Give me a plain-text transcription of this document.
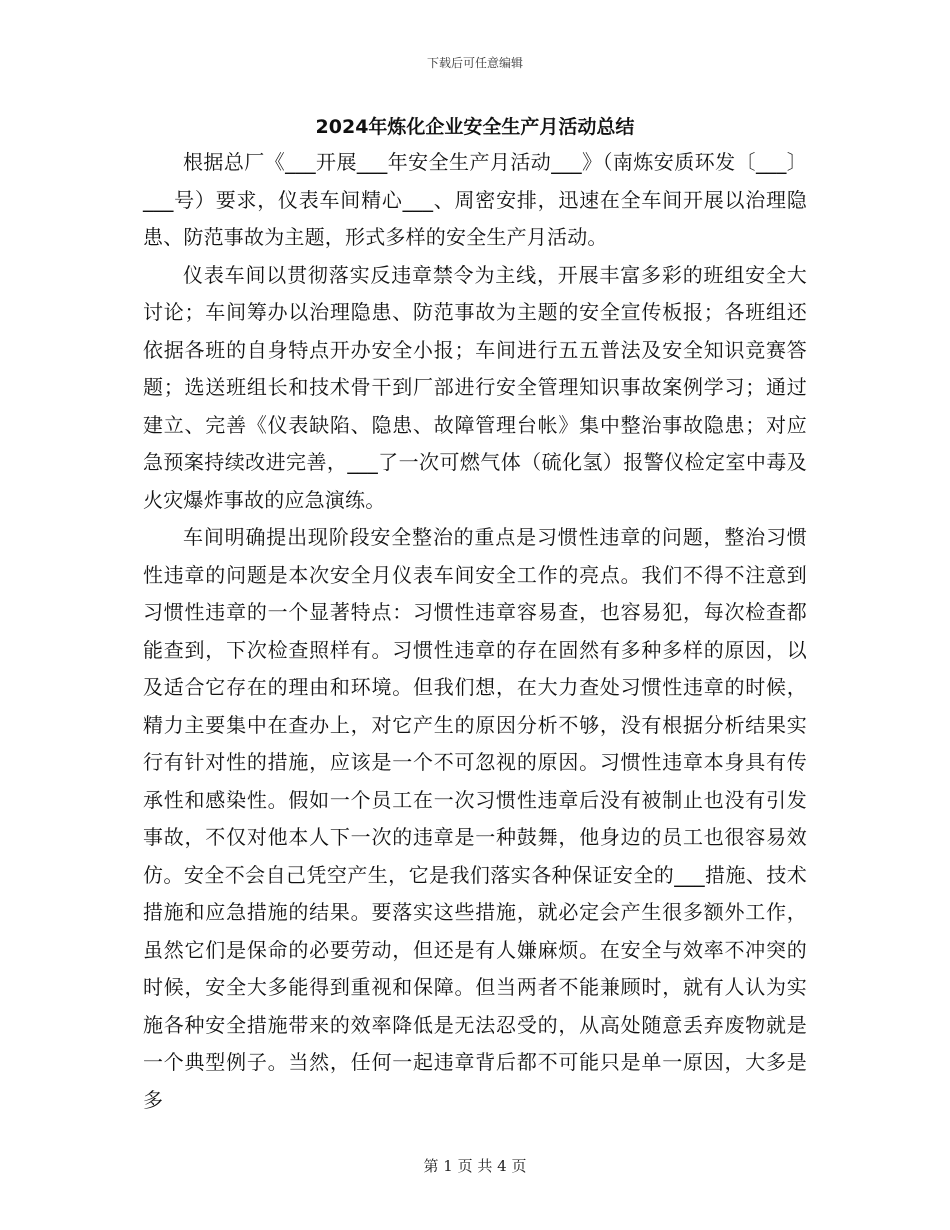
下载后可任意编辑
2024年炼化企业安全生产月活动总结

根据总厂《___开展___年安全生产月活动___》（南炼安质环发〔___〕___号）要求，仪表车间精心___、周密安排，迅速在全车间开展以治理隐患、防范事故为主题，形式多样的安全生产月活动。

仪表车间以贯彻落实反违章禁令为主线，开展丰富多彩的班组安全大讨论；车间筹办以治理隐患、防范事故为主题的安全宣传板报；各班组还依据各班的自身特点开办安全小报；车间进行五五普法及安全知识竞赛答题；选送班组长和技术骨干到厂部进行安全管理知识事故案例学习；通过建立、完善《仪表缺陷、隐患、故障管理台帐》集中整治事故隐患；对应急预案持续改进完善，___了一次可燃气体（硫化氢）报警仪检定室中毒及火灾爆炸事故的应急演练。

车间明确提出现阶段安全整治的重点是习惯性违章的问题，整治习惯性违章的问题是本次安全月仪表车间安全工作的亮点。我们不得不注意到习惯性违章的一个显著特点：习惯性违章容易查，也容易犯，每次检查都能查到，下次检查照样有。习惯性违章的存在固然有多种多样的原因，以及适合它存在的理由和环境。但我们想，在大力查处习惯性违章的时候，精力主要集中在查办上，对它产生的原因分析不够，没有根据分析结果实行有针对性的措施，应该是一个不可忽视的原因。习惯性违章本身具有传承性和感染性。假如一个员工在一次习惯性违章后没有被制止也没有引发事故，不仅对他本人下一次的违章是一种鼓舞，他身边的员工也很容易效仿。安全不会自己凭空产生，它是我们落实各种保证安全的___措施、技术措施和应急措施的结果。要落实这些措施，就必定会产生很多额外工作，虽然它们是保命的必要劳动，但还是有人嫌麻烦。在安全与效率不冲突的时候，安全大多能得到重视和保障。但当两者不能兼顾时，就有人认为实施各种安全措施带来的效率降低是无法忍受的，从高处随意丢弃废物就是一个典型例子。当然，任何一起违章背后都不可能只是单一原因，大多是多

第 1 页 共 4 页
